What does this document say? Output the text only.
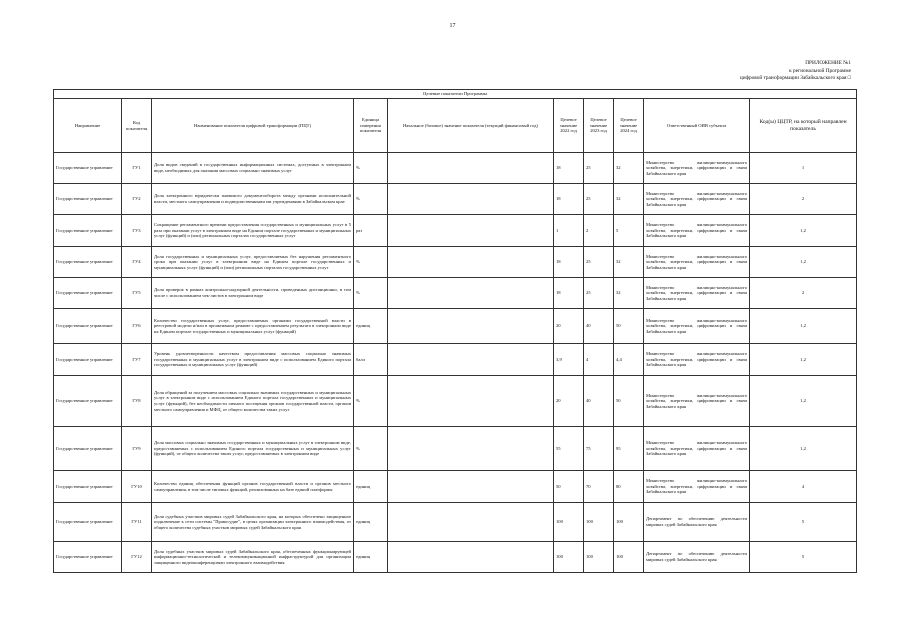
17
ПРИЛОЖЕНИЕ №1
к региональной Программе
цифровой трансформации Забайкальского края □
Целевые показатели Программы									
Направление	Код показателя	Наименование показателя цифровой трансформации (ПЦТ)	Единица измерения показателя	Начальное (базовое) значение показателя (текущий финансовый год)	Целевое значение 2022 год	Целевое значение 2023 год	Целевое значение 2024 год	Ответственный ОИВ субъекта	Код(ы) ЦЦТР, на который направлен показатель
Государственное управление	ГУ1	Доля видов сведений в государственных информационных системах, доступных в электронном виде, необходимых для оказания массовых социально значимых услуг	%		18	25	32	Министерство жилищно-коммунального хозяйства, энергетики, цифровизации и связи Забайкальского края	1
Государственное управление	ГУ2	Доля электронного юридически значимого документооборота между органами исполнительной власти, местного самоуправления и подведомственными им учреждениями в Забайкальском крае	%		18	25	32	Министерство жилищно-коммунального хозяйства, энергетики, цифровизации и связи Забайкальского края	2
Государственное управление	ГУ3	Сокращение регламентного времени предоставления государственных и муниципальных услуг в 5 раза при оказании услуг в электронном виде на Едином портале государственных и муниципальных услуг (функций) и (или) региональных порталах государственных услуг	раз		1	2	5	Министерство жилищно-коммунального хозяйства, энергетики, цифровизации и связи Забайкальского края	1,2
Государственное управление	ГУ4	Доля государственных и муниципальных услуг, предоставляемых без нарушения регламентного срока при оказании услуг в электронном виде на Едином портале государственных и муниципальных услуг (функций) и (или) региональных порталах государственных услуг	%		18	25	32	Министерство жилищно-коммунального хозяйства, энергетики, цифровизации и связи Забайкальского края	1,2
Государственное управление	ГУ5	Доля проверок в рамках контрольно-надзорной деятельности, проведенных дистанционно, в том числе с использованием чек-листов в электронном виде	%		18	25	32	Министерство жилищно-коммунального хозяйства, энергетики, цифровизации и связи Забайкальского края	2
Государственное управление	ГУ6	Количество государственных услуг, предоставляемых органами государственной власти в реестровой модели и/или в проактивном режиме с предоставлением результата в электронном виде на Едином портале государственных и муниципальных услуг (функций)	единиц		20	40	50	Министерство жилищно-коммунального хозяйства, энергетики, цифровизации и связи Забайкальского края	1,2
Государственное управление	ГУ7	Уровень удовлетворенности качеством предоставления массовых социально значимых государственных и муниципальных услуг в электронном виде с использованием Единого портала государственных и муниципальных услуг (функций)	балл		3,9	4	4,4	Министерство жилищно-коммунального хозяйства, энергетики, цифровизации и связи Забайкальского края	1,2
Государственное управление	ГУ8	Доля обращений за получением массовых социально значимых государственных и муниципальных услуг в электронном виде с использованием Единого портала государственных и муниципальных услуг (функций), без необходимости личного посещения органов государственной власти, органов местного самоуправления и МФЦ, от общего количества таких услуг	%		20	40	50	Министерство жилищно-коммунального хозяйства, энергетики, цифровизации и связи Забайкальского края	1,2
Государственное управление	ГУ9	Доля массовых социально значимых государственных и муниципальных услуг в электронном виде, предоставляемых с использованием Единого портала государственных и муниципальных услуг (функций), от общего количества таких услуг, предоставляемых в электронном виде	%		55	75	95	Министерство жилищно-коммунального хозяйства, энергетики, цифровизации и связи Забайкальского края	1,2
Государственное управление	ГУ10	Количество единиц обеспечения функций органов государственной власти и органов местного самоуправления, в том числе типовых функций, реализованных на базе единой платформы	единиц		50	70	80	Министерство жилищно-коммунального хозяйства, энергетики, цифровизации и связи Забайкальского края	4
Государственное управление	ГУ11	Доля судебных участков мировых судей Забайкальского края, на которых обеспечено защищенное подключение к сети системы "Правосудие", в целях организации электронного взаимодействия, от общего количества судебных участков мировых судей Забайкальского края	единиц		100	100	100	Департамент по обеспечению деятельности мировых судей Забайкальского края	5
Государственное управление	ГУ12	Доля судебных участков мировых судей Забайкальского края, обеспеченных функционирующей информационно-технологической и телекоммуникационной инфраструктурой для организации защищенного видеоконференцсвязи электронного взаимодействия	единиц		100	100	100	Департамент по обеспечению деятельности мировых судей Забайкальского края	5
